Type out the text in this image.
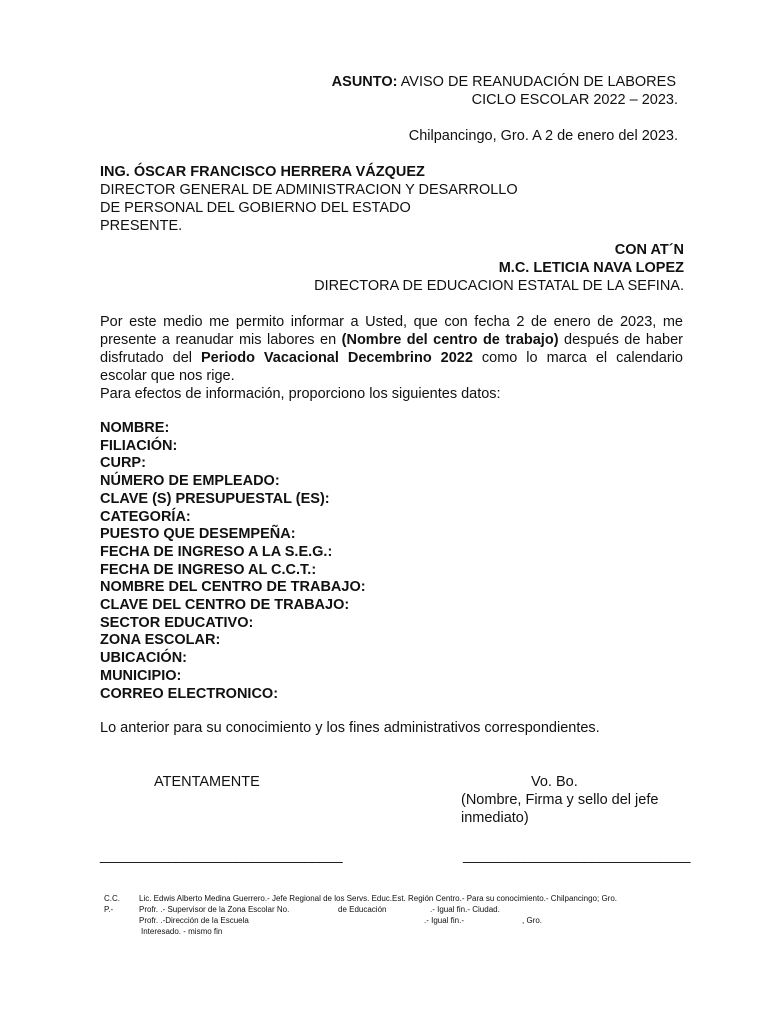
ASUNTO: AVISO DE REANUDACIÓN DE LABORES
CICLO ESCOLAR 2022 – 2023.
Chilpancingo, Gro. A 2 de enero del 2023.
ING. ÓSCAR FRANCISCO HERRERA VÁZQUEZ
DIRECTOR GENERAL DE ADMINISTRACION Y DESARROLLO
DE PERSONAL DEL GOBIERNO DEL ESTADO
PRESENTE.
CON AT´N
M.C. LETICIA NAVA LOPEZ
DIRECTORA DE EDUCACION ESTATAL DE LA SEFINA.
Por este medio me permito informar a Usted, que con fecha 2 de enero de 2023, me presente a reanudar mis labores en (Nombre del centro de trabajo) después de haber disfrutado del Periodo Vacacional Decembrino 2022 como lo marca el calendario escolar que nos rige.
Para efectos de información, proporciono los siguientes datos:
NOMBRE:
FILIACIÓN:
CURP:
NÚMERO DE EMPLEADO:
CLAVE (S) PRESUPUESTAL (ES):
CATEGORÍA:
PUESTO QUE DESEMPEÑA:
FECHA DE INGRESO A LA S.E.G.:
FECHA DE INGRESO AL C.C.T.:
NOMBRE DEL CENTRO DE TRABAJO:
CLAVE DEL CENTRO DE TRABAJO:
SECTOR EDUCATIVO:
ZONA ESCOLAR:
UBICACIÓN:
MUNICIPIO:
CORREO ELECTRONICO:
Lo anterior para su conocimiento y los fines administrativos correspondientes.
ATENTAMENTE	Vo. Bo.
(Nombre, Firma y sello del jefe
inmediato)
________________________________	______________________________
C.C.
P.-
Lic. Edwis Alberto Medina Guerrero.- Jefe Regional de los Servs. Educ.Est. Región Centro.- Para su conocimiento.- Chilpancingo; Gro.
Profr. .- Supervisor de la Zona Escolar No.	de Educación	.- Igual fin.- Ciudad.
Profr. .-Dirección de la Escuela	.- Igual fin.-	, Gro.
Interesado. - mismo fin
